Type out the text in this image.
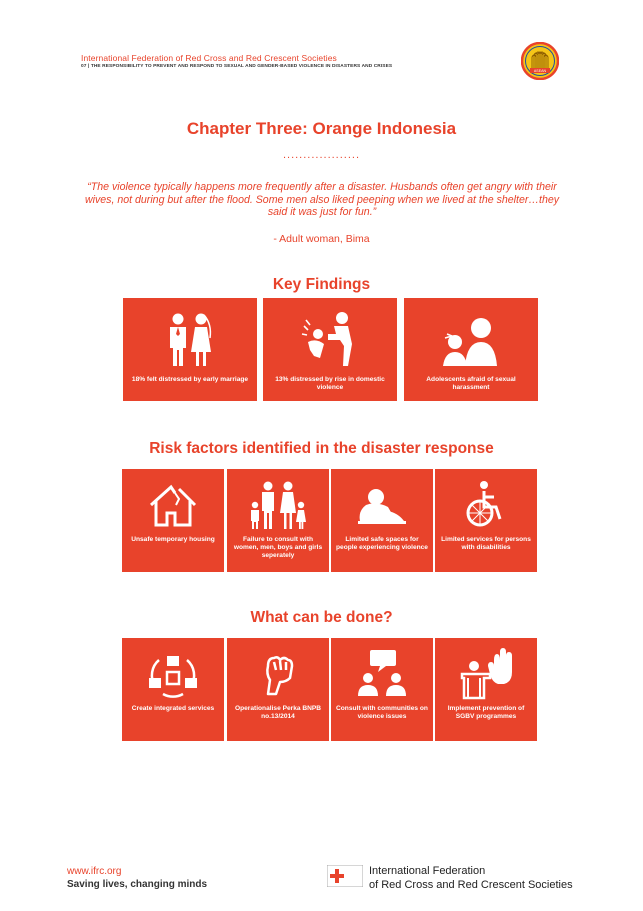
International Federation of Red Cross and Red Crescent Societies
07 | THE RESPONSIBILITY TO PREVENT AND RESPOND TO SEXUAL AND GENDER-BASED VIOLENCE IN DISASTERS AND CRISES
ASEAN
Chapter Three: Orange Indonesia
...................
“The violence typically happens more frequently after a disaster. Husbands often get angry with their wives, not during but after the flood. Some men also liked peeping when we lived at the shelter…they said it was just for fun.”
- Adult woman, Bima
Key Findings
18% felt distressed by early marriage	13% distressed by rise in domestic violence
Adolescents afraid of sexual harassment
Risk factors identified in the disaster response
Unsafe temporary housing	Failure to consult with women, men, boys and girls seperately
Limited safe spaces for people experiencing violence
Limited services for persons with disabilities
What can be done?
Create integrated services	Operationalise Perka BNPB no.13/2014
Consult with communities on violence issues
Implement prevention of SGBV programmes
www.ifrc.org
Saving lives, changing minds
International Federation
of Red Cross and Red Crescent Societies
